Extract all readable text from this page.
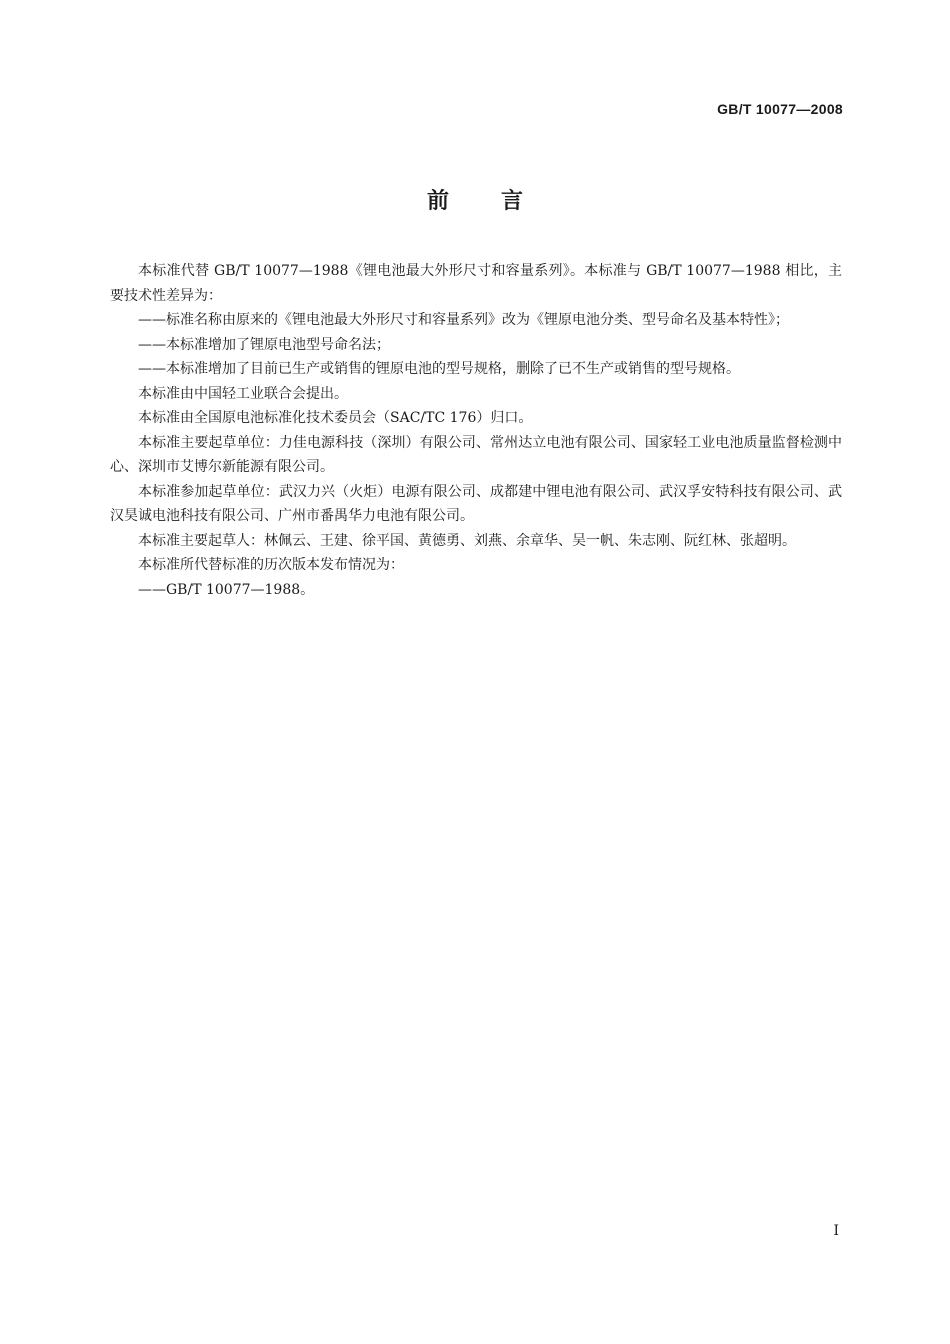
GB/T 10077—2008
前言

本标准代替 GB/T 10077—1988《锂电池最大外形尺寸和容量系列》。本标准与 GB/T 10077—1988 相比，主要技术性差异为：

——标准名称由原来的《锂电池最大外形尺寸和容量系列》改为《锂原电池分类、型号命名及基本特性》；

——本标准增加了锂原电池型号命名法；

——本标准增加了目前已生产或销售的锂原电池的型号规格，删除了已不生产或销售的型号规格。

本标准由中国轻工业联合会提出。

本标准由全国原电池标准化技术委员会（SAC/TC 176）归口。

本标准主要起草单位：力佳电源科技（深圳）有限公司、常州达立电池有限公司、国家轻工业电池质量监督检测中心、深圳市艾博尔新能源有限公司。

本标准参加起草单位：武汉力兴（火炬）电源有限公司、成都建中锂电池有限公司、武汉孚安特科技有限公司、武汉昊诚电池科技有限公司、广州市番禺华力电池有限公司。

本标准主要起草人：林佩云、王建、徐平国、黄德勇、刘燕、余章华、吴一帆、朱志刚、阮红林、张超明。

本标准所代替标准的历次版本发布情况为：

——GB/T 10077—1988。

I
